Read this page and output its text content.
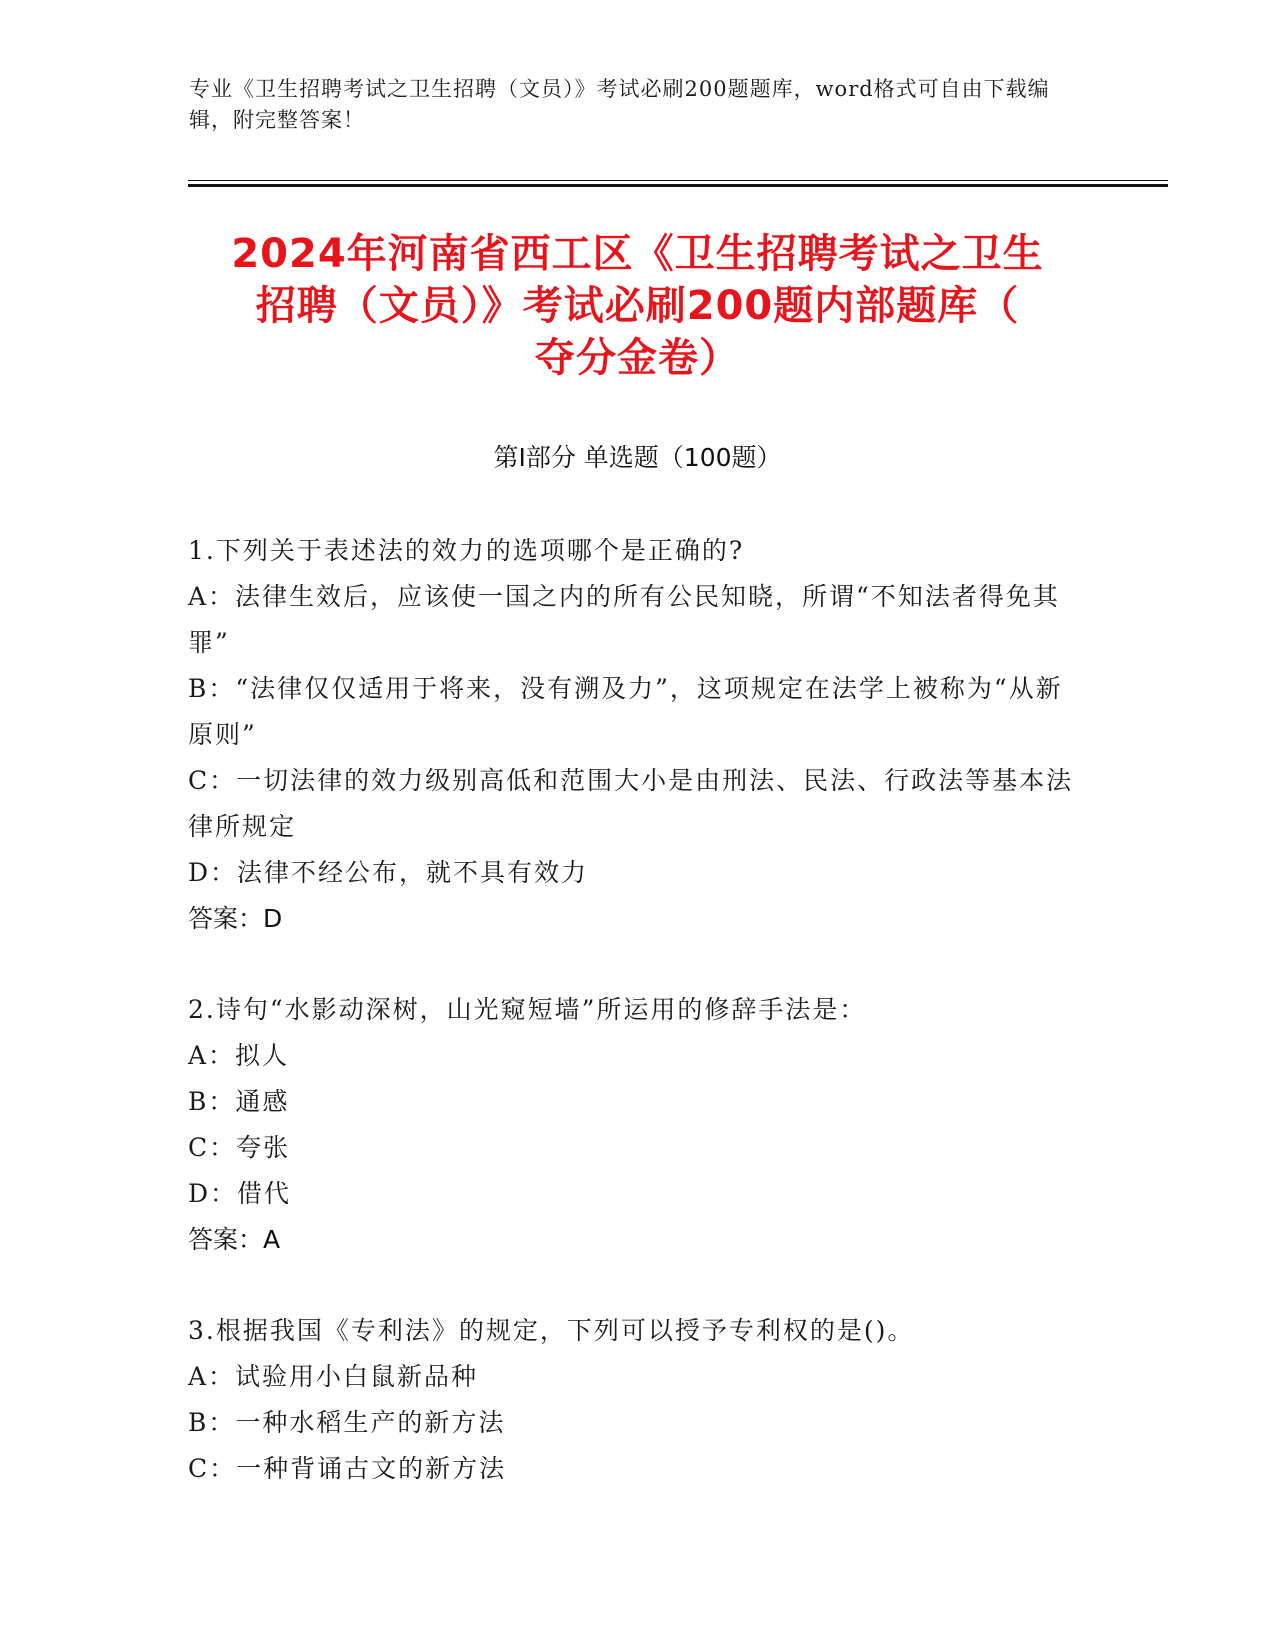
专业《卫生招聘考试之卫生招聘（文员）》考试必刷200题题库，word格式可自由下载编辑，附完整答案！
2024年河南省西工区《卫生招聘考试之卫生
招聘（文员）》考试必刷200题内部题库（
夺分金卷）
第I部分 单选题（100题）

1.下列关于表述法的效力的选项哪个是正确的?

A：法律生效后，应该使一国之内的所有公民知晓，所谓“不知法者得免其罪”

B：“法律仅仅适用于将来，没有溯及力”，这项规定在法学上被称为“从新原则”

C：一切法律的效力级别高低和范围大小是由刑法、民法、行政法等基本法律所规定

D：法律不经公布，就不具有效力

答案：D

2.诗句“水影动深树，山光窥短墙”所运用的修辞手法是：

A：拟人

B：通感

C：夸张

D：借代

答案：A

3.根据我国《专利法》的规定，下列可以授予专利权的是()。

A：试验用小白鼠新品种

B：一种水稻生产的新方法

C：一种背诵古文的新方法
